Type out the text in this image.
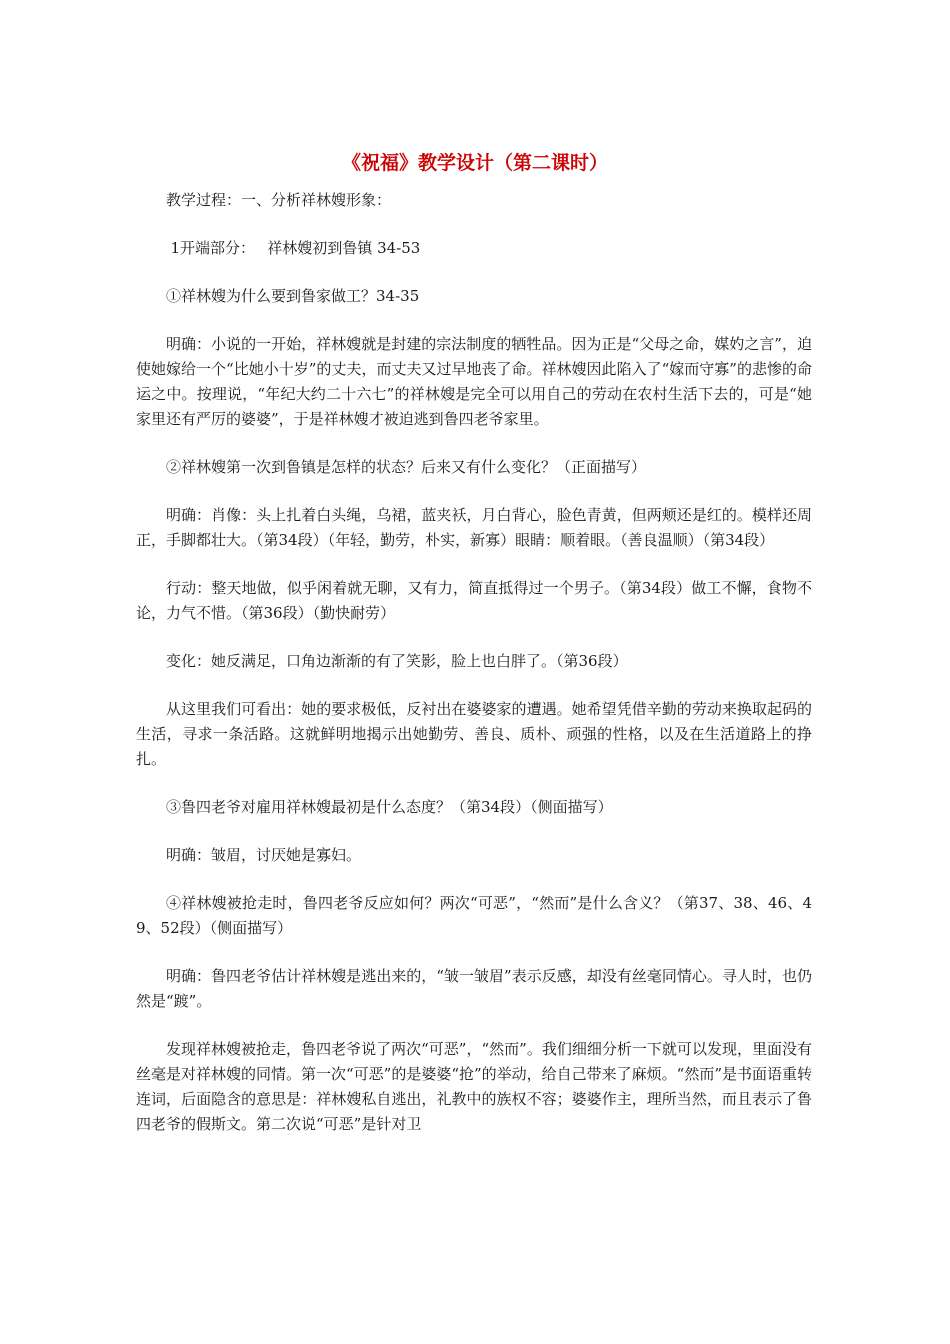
《祝福》教学设计（第二课时）

教学过程：一、分析祥林嫂形象：

1开端部分：　 祥林嫂初到鲁镇 34-53

①祥林嫂为什么要到鲁家做工？34-35

明确：小说的一开始，祥林嫂就是封建的宗法制度的牺牲品。因为正是“父母之命，媒妁之言”，迫使她嫁给一个“比她小十岁”的丈夫，而丈夫又过早地丧了命。祥林嫂因此陷入了“嫁而守寡”的悲惨的命运之中。按理说，“年纪大约二十六七”的祥林嫂是完全可以用自己的劳动在农村生活下去的，可是“她家里还有严厉的婆婆”，于是祥林嫂才被迫逃到鲁四老爷家里。

②祥林嫂第一次到鲁镇是怎样的状态？后来又有什么变化？（正面描写）

明确：肖像：头上扎着白头绳，乌裙，蓝夹袄，月白背心，脸色青黄，但两颊还是红的。模样还周正，手脚都壮大。（第34段）（年轻，勤劳，朴实，新寡）眼睛：顺着眼。（善良温顺）（第34段）

行动：整天地做，似乎闲着就无聊，又有力，简直抵得过一个男子。（第34段）做工不懈，食物不论，力气不惜。（第36段）（勤快耐劳）

变化：她反满足，口角边渐渐的有了笑影，脸上也白胖了。（第36段）

从这里我们可看出：她的要求极低，反衬出在婆婆家的遭遇。她希望凭借辛勤的劳动来换取起码的生活，寻求一条活路。这就鲜明地揭示出她勤劳、善良、质朴、顽强的性格，以及在生活道路上的挣扎。

③鲁四老爷对雇用祥林嫂最初是什么态度？（第34段）（侧面描写）

明确：皱眉，讨厌她是寡妇。

④祥林嫂被抢走时，鲁四老爷反应如何？两次“可恶”，“然而”是什么含义？（第37、38、46、49、52段）（侧面描写）

明确：鲁四老爷估计祥林嫂是逃出来的，“皱一皱眉”表示反感，却没有丝毫同情心。寻人时，也仍然是“踱”。

发现祥林嫂被抢走，鲁四老爷说了两次“可恶”，“然而”。我们细细分析一下就可以发现，里面没有丝毫是对祥林嫂的同情。第一次“可恶”的是婆婆“抢”的举动，给自己带来了麻烦。“然而”是书面语重转连词，后面隐含的意思是：祥林嫂私自逃出，礼教中的族权不容；婆婆作主，理所当然，而且表示了鲁四老爷的假斯文。第二次说“可恶”是针对卫
